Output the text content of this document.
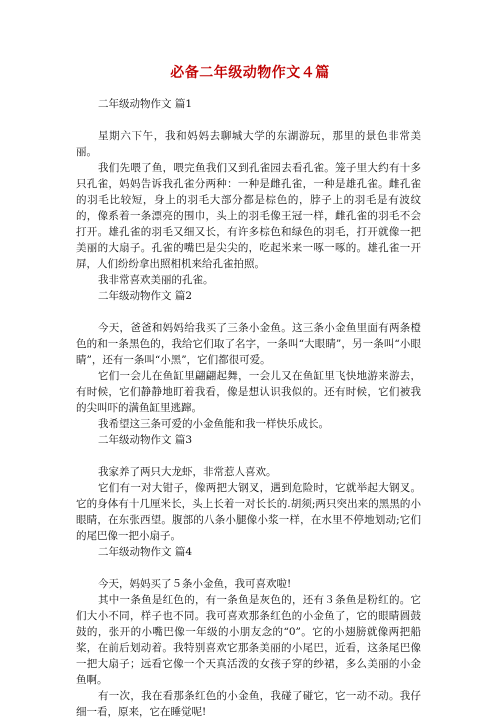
必备二年级动物作文４篇
二年级动物作文 篇1

星期六下午，我和妈妈去聊城大学的东湖游玩，那里的景色非常美丽。

我们先喂了鱼，喂完鱼我们又到孔雀园去看孔雀。笼子里大约有十多只孔雀，妈妈告诉我孔雀分两种：一种是雌孔雀，一种是雄孔雀。雌孔雀的羽毛比较短，身上的羽毛大部分都是棕色的，脖子上的羽毛是有波纹的，像系着一条漂亮的围巾，头上的羽毛像王冠一样，雌孔雀的羽毛不会打开。雄孔雀的羽毛又细又长，有许多棕色和绿色的羽毛，打开就像一把美丽的大扇子。孔雀的嘴巴是尖尖的，吃起米来一啄一啄的。雄孔雀一开屏，人们纷纷拿出照相机来给孔雀拍照。

我非常喜欢美丽的孔雀。

二年级动物作文 篇2

今天，爸爸和妈妈给我买了三条小金鱼。这三条小金鱼里面有两条橙色的和一条黑色的，我给它们取了名字，一条叫“大眼睛”，另一条叫“小眼睛”，还有一条叫“小黑”，它们都很可爱。

它们一会儿在鱼缸里翩翩起舞，一会儿又在鱼缸里飞快地游来游去，有时候，它们静静地盯着我看，像是想认识我似的。还有时候，它们被我的尖叫吓的满鱼缸里逃蹿。

我希望这三条可爱的小金鱼能和我一样快乐成长。

二年级动物作文 篇3

我家养了两只大龙虾，非常惹人喜欢。

它们有一对大钳子，像两把大钢叉，遇到危险时，它就举起大钢叉。它的身体有十几厘米长，头上长着一对长长的.胡须;两只突出来的黑黑的小眼睛，在东张西望。腹部的八条小腿像小浆一样，在水里不停地划动;它们的尾巴像一把小扇子。

二年级动物作文 篇4

今天，妈妈买了５条小金鱼，我可喜欢啦!

其中一条鱼是红色的，有一条鱼是灰色的，还有３条鱼是粉红的。它们大小不同，样子也不同。我可喜欢那条红色的小金鱼了，它的眼睛圆鼓鼓的，张开的小嘴巴像一年级的小朋友念的“0”。它的小翅膀就像两把船桨，在前后划动着。我特别喜欢它那条美丽的小尾巴，近看，这条尾巴像一把大扇子；远看它像一个天真活泼的女孩子穿的纱裙，多么美丽的小金鱼啊。

有一次，我在看那条红色的小金鱼，我碰了碰它，它一动不动。我仔细一看，原来，它在睡觉呢!
